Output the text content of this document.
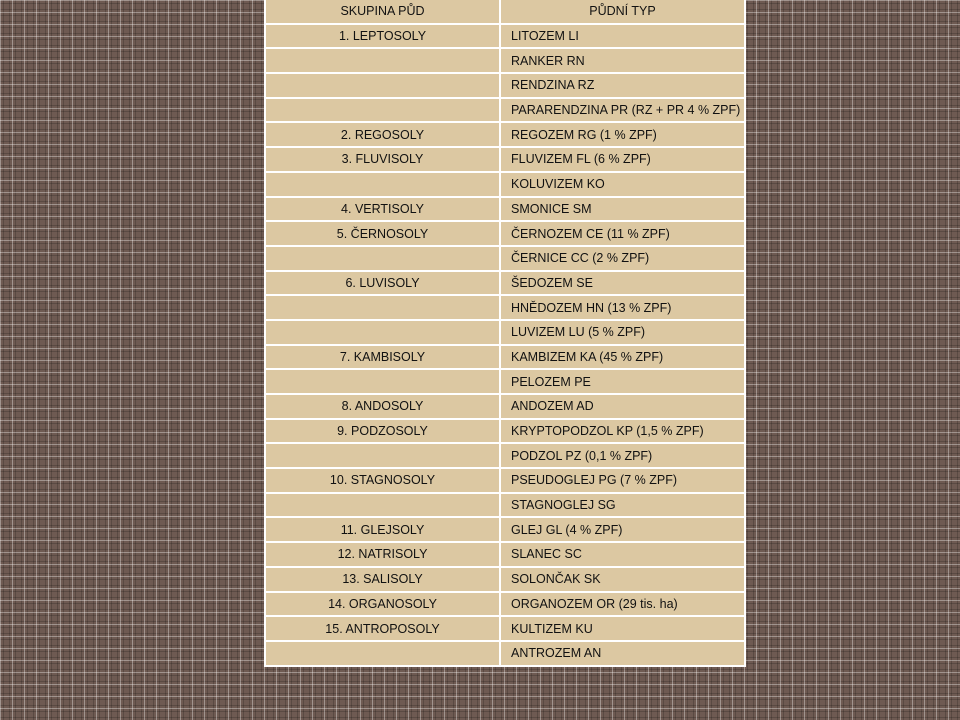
SKUPINA PŮD	PŮDNÍ TYP
1. LEPTOSOLY	LITOZEM LI
	RANKER RN
	RENDZINA RZ
	PARARENDZINA PR (RZ + PR 4 % ZPF)
2. REGOSOLY	REGOZEM RG (1 % ZPF)
3. FLUVISOLY	FLUVIZEM FL (6 % ZPF)
	KOLUVIZEM KO
4. VERTISOLY	SMONICE SM
5. ČERNOSOLY	ČERNOZEM CE (11 % ZPF)
	ČERNICE CC (2 % ZPF)
6. LUVISOLY	ŠEDOZEM SE
	HNĚDOZEM HN (13 % ZPF)
	LUVIZEM LU (5 % ZPF)
7. KAMBISOLY	KAMBIZEM KA (45 % ZPF)
	PELOZEM PE
8. ANDOSOLY	ANDOZEM AD
9. PODZOSOLY	KRYPTOPODZOL KP (1,5 % ZPF)
	PODZOL PZ (0,1 % ZPF)
10. STAGNOSOLY	PSEUDOGLEJ PG (7 % ZPF)
	STAGNOGLEJ SG
11. GLEJSOLY	GLEJ GL (4 % ZPF)
12. NATRISOLY	SLANEC SC
13. SALISOLY	SOLONČAK SK
14. ORGANOSOLY	ORGANOZEM OR (29 tis. ha)
15. ANTROPOSOLY	KULTIZEM KU
	ANTROZEM AN
